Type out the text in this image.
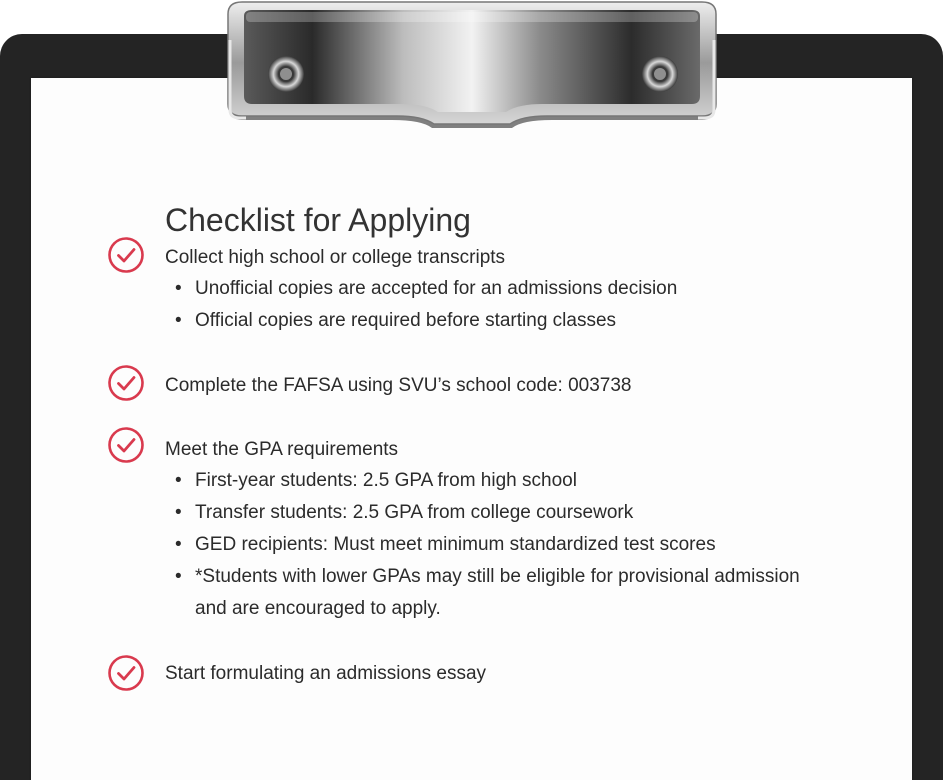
Checklist for Applying
Collect high school or college transcripts
• Unofficial copies are accepted for an admissions decision
• Official copies are required before starting classes
Complete the FAFSA using SVU’s school code: 003738
Meet the GPA requirements
• First-year students: 2.5 GPA from high school
• Transfer students: 2.5 GPA from college coursework
• GED recipients: Must meet minimum standardized test scores
• *Students with lower GPAs may still be eligible for provisional admission
and are encouraged to apply.
Start formulating an admissions essay
